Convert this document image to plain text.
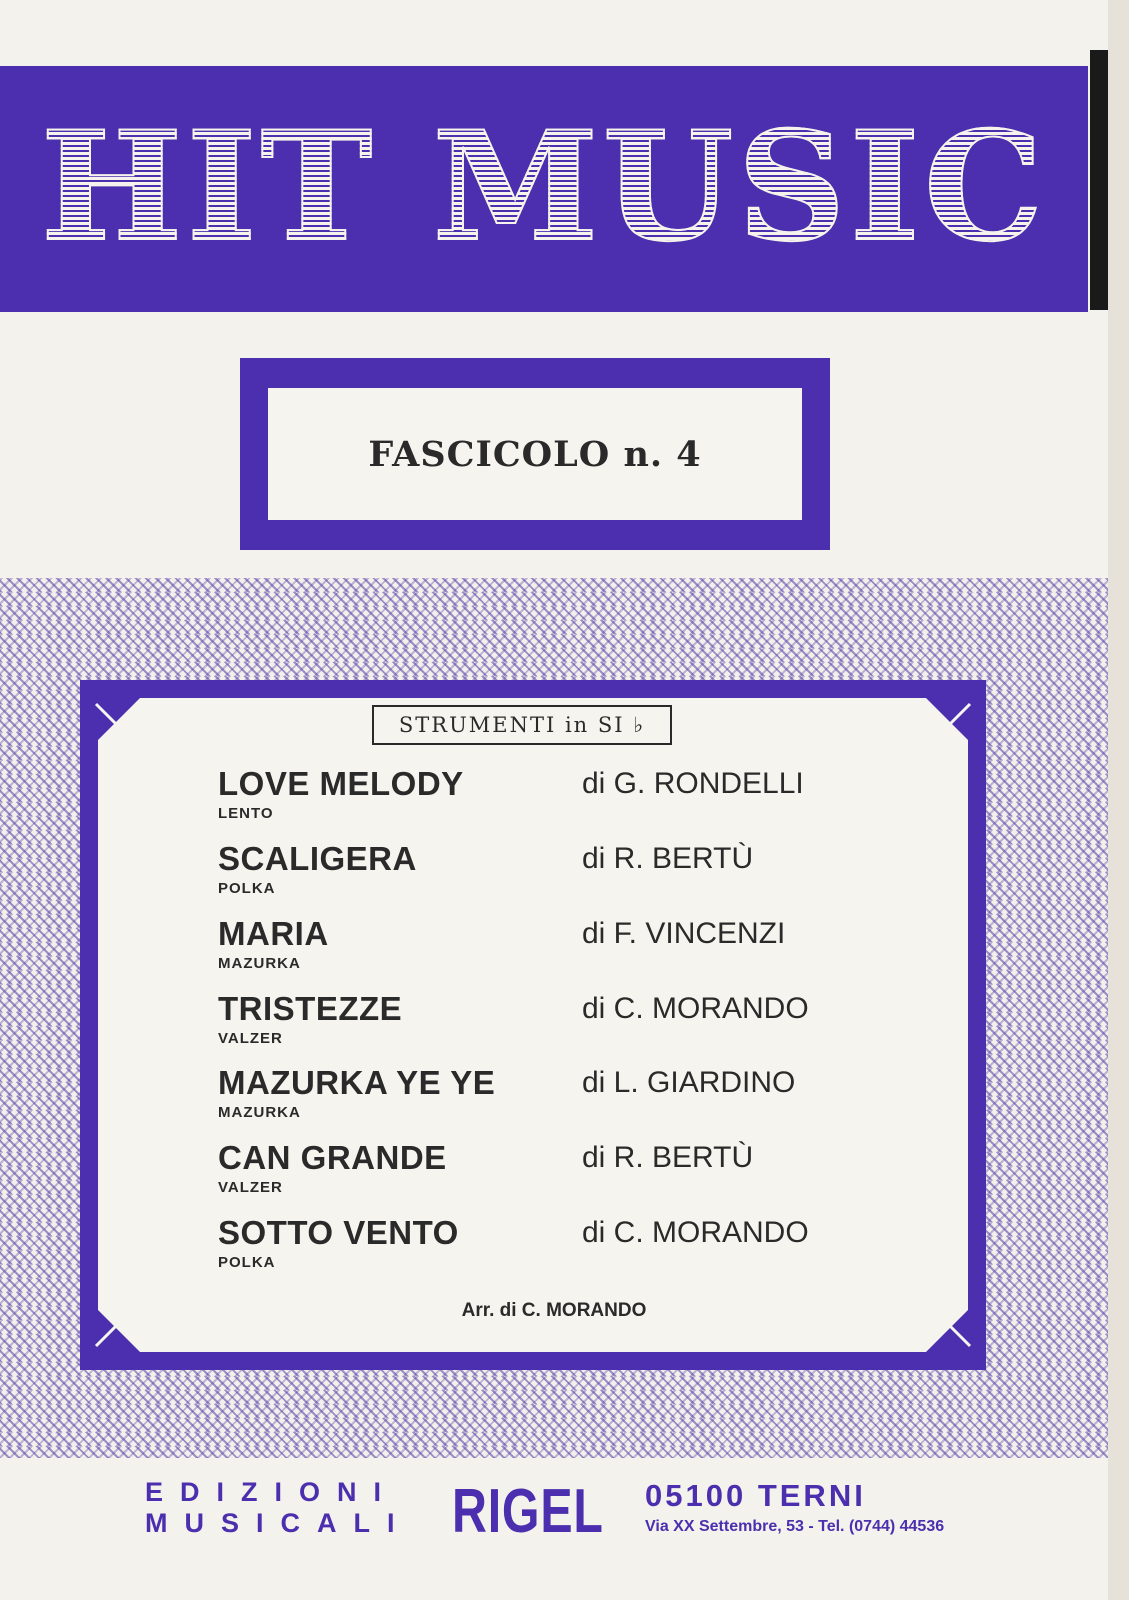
HIT MUSIC
FASCICOLO n. 4
STRUMENTI in SI ♭
LOVE MELODY
LENTO
di G. RONDELLI
SCALIGERA
POLKA
di R. BERTÙ
MARIA
MAZURKA
di F. VINCENZI
TRISTEZZE
VALZER
di C. MORANDO
MAZURKA YE YE
MAZURKA
di L. GIARDINO
CAN GRANDE
VALZER
di R. BERTÙ
SOTTO VENTO
POLKA
di C. MORANDO
Arr. di C. MORANDO
EDIZIONI
MUSICALI RIGEL 05100 TERNI
Via XX Settembre, 53 - Tel. (0744) 44536
